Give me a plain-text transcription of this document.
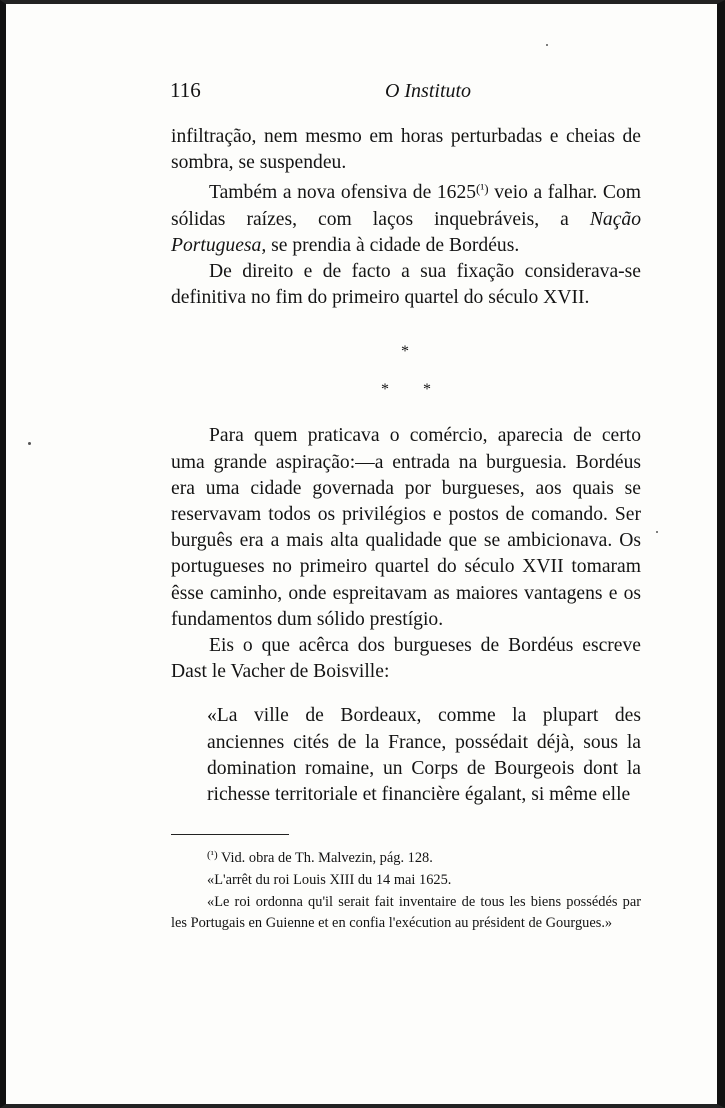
116	O Instituto

infiltração, nem mesmo em horas perturbadas e cheias de sombra, se suspendeu.

Também a nova ofensiva de $1625^{(^1)}$ veio a falhar. Com sólidas raízes, com laços inquebráveis, a Nação Portuguesa, se prendia à cidade de Bordéus.

De direito e de facto a sua fixação considerava-se definitiva no fim do primeiro quartel do século XVII.

*
* *

Para quem praticava o comércio, aparecia de certo uma grande aspiração:—a entrada na burguesia. Bordéus era uma cidade governada por burgueses, aos quais se reservavam todos os privilégios e postos de comando. Ser burguês era a mais alta qualidade que se ambicionava. Os portugueses no primeiro quartel do século XVII tomaram êsse caminho, onde espreitavam as maiores vantagens e os fundamentos dum sólido prestígio.

Eis o que acêrca dos burgueses de Bordéus escreve Dast le Vacher de Boisville:

«La ville de Bordeaux, comme la plupart des anciennes cités de la France, possédait déjà, sous la domination romaine, un Corps de Bourgeois dont la richesse territoriale et financière égalant, si même elle

$^{(^1)}$ Vid. obra de Th. Malvezin, pág. 128.

«L'arrêt du roi Louis XIII du 14 mai 1625.

«Le roi ordonna qu'il serait fait inventaire de tous les biens possédés par les Portugais en Guienne et en confia l'exécution au président de Gourgues.»
